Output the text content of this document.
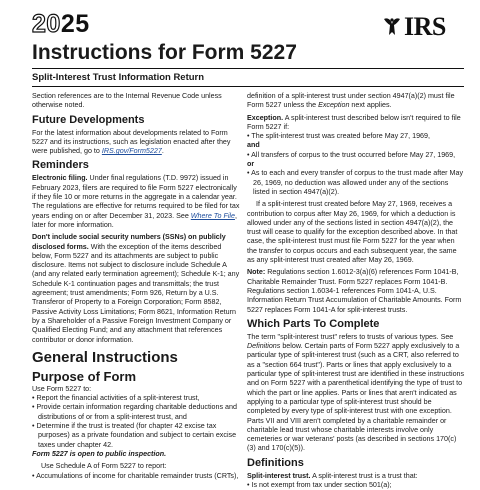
2025	IRS
Instructions for Form 5227
Split-Interest Trust Information Return

Section references are to the Internal Revenue Code unless otherwise noted.

Future Developments

For the latest information about developments related to Form 5227 and its instructions, such as legislation enacted after they were published, go to IRS.gov/Form5227.

Reminders

Electronic filing. Under final regulations (T.D. 9972) issued in February 2023, filers are required to file Form 5227 electronically if they file 10 or more returns in the aggregate in a calendar year. The regulations are effective for returns required to be filed for tax years ending on or after December 31, 2023. See Where To File, later for more information.

Don't include social security numbers (SSNs) on publicly disclosed forms. With the exception of the items described below, Form 5227 and its attachments are subject to public disclosure. Items not subject to disclosure include Schedule A (and any related early termination agreement); Schedule K-1; any Schedule K-1 continuation pages and transmittals; the trust agreement; trust amendments; Form 926, Return by a U.S. Transferor of Property to a Foreign Corporation; Form 8582, Passive Activity Loss Limitations; Form 8621, Information Return by a Shareholder of a Passive Foreign Investment Company or Qualified Electing Fund; and any attachment that references contributor or donor information.

General Instructions
Purpose of Form

Use Form 5227 to:

• Report the financial activities of a split-interest trust,

• Provide certain information regarding charitable deductions and distributions of or from a split-interest trust, and

• Determine if the trust is treated (for chapter 42 excise tax purposes) as a private foundation and subject to certain excise taxes under chapter 42.

Form 5227 is open to public inspection.

Use Schedule A of Form 5227 to report:

• Accumulations of income for charitable remainder trusts (CRTs),

definition of a split-interest trust under section 4947(a)(2) must file Form 5227 unless the Exception next applies.

Exception. A split-interest trust described below isn't required to file Form 5227 if:

• The split-interest trust was created before May 27, 1969,

and

• All transfers of corpus to the trust occurred before May 27, 1969,

or

• As to each and every transfer of corpus to the trust made after May 26, 1969, no deduction was allowed under any of the sections listed in section 4947(a)(2).

If a split-interest trust created before May 27, 1969, receives a contribution to corpus after May 26, 1969, for which a deduction is allowed under any of the sections listed in section 4947(a)(2), the trust will cease to qualify for the exception described above. In that case, the split-interest trust must file Form 5227 for the year when the transfer to corpus occurs and each subsequent year, the same as any split-interest trust created after May 26, 1969.

Note: Regulations section 1.6012-3(a)(6) references Form 1041-B, Charitable Remainder Trust. Form 5227 replaces Form 1041-B. Regulations section 1.6034-1 references Form 1041-A, U.S. Information Return Trust Accumulation of Charitable Amounts. Form 5227 replaces Form 1041-A for split-interest trusts.

Which Parts To Complete

The term "split-interest trust" refers to trusts of various types. See Definitions below. Certain parts of Form 5227 apply exclusively to a particular type of split-interest trust (such as a CRT, also referred to as a "section 664 trust"). Parts or lines that apply exclusively to a particular type of split-interest trust are identified in these instructions and on Form 5227 with a parenthetical identifying the type of trust to which the part or line applies. Parts or lines that aren't indicated as applying to a particular type of split-interest trust should be completed by every type of split-interest trust with one exception. Parts VII and VIII aren't completed by a charitable remainder or charitable lead trust whose charitable interests involve only cemeteries or war veterans' posts (as described in sections 170(c)(3) and 170(c)(5)).

Definitions

Split-interest trust. A split-interest trust is a trust that:

• Is not exempt from tax under section 501(a);
